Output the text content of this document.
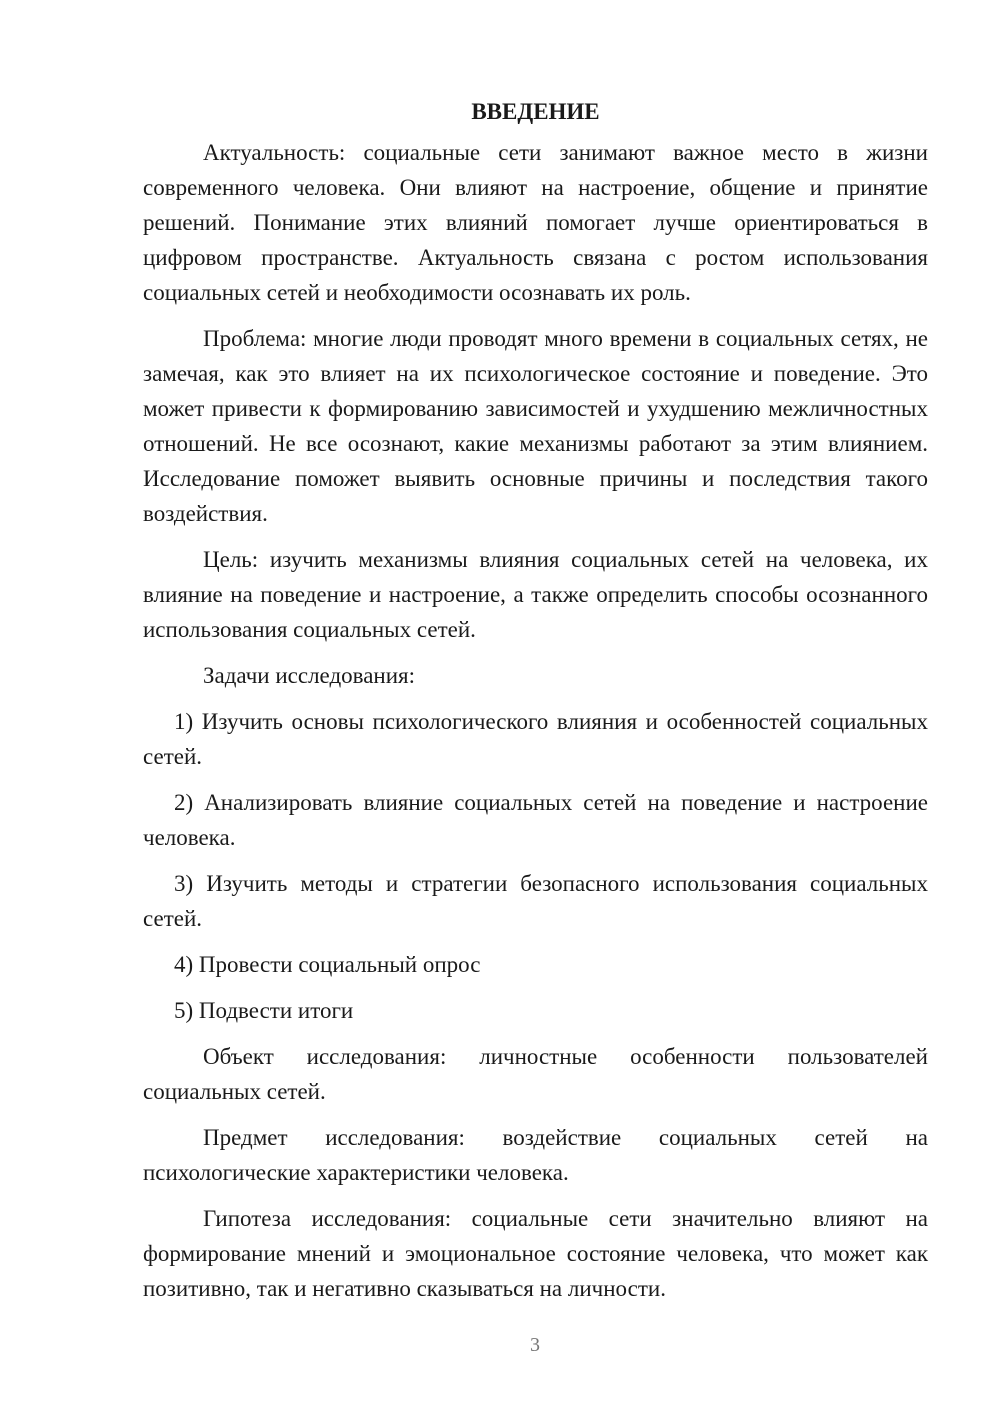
ВВЕДЕНИЕ

Актуальность: социальные сети занимают важное место в жизни современного человека. Они влияют на настроение, общение и принятие решений. Понимание этих влияний помогает лучше ориентироваться в цифровом пространстве. Актуальность связана с ростом использования социальных сетей и необходимости осознавать их роль.

Проблема: многие люди проводят много времени в социальных сетях, не замечая, как это влияет на их психологическое состояние и поведение. Это может привести к формированию зависимостей и ухудшению межличностных отношений. Не все осознают, какие механизмы работают за этим влиянием. Исследование поможет выявить основные причины и последствия такого воздействия.

Цель: изучить механизмы влияния социальных сетей на человека, их влияние на поведение и настроение, а также определить способы осознанного использования социальных сетей.

Задачи исследования:

1) Изучить основы психологического влияния и особенностей социальных сетей.

2) Анализировать влияние социальных сетей на поведение и настроение человека.

3) Изучить методы и стратегии безопасного использования социальных сетей.

4) Провести социальный опрос

5) Подвести итоги

Объект исследования: личностные особенности пользователей социальных сетей.

Предмет исследования: воздействие социальных сетей на психологические характеристики человека.

Гипотеза исследования: социальные сети значительно влияют на формирование мнений и эмоциональное состояние человека, что может как позитивно, так и негативно сказываться на личности.

3
